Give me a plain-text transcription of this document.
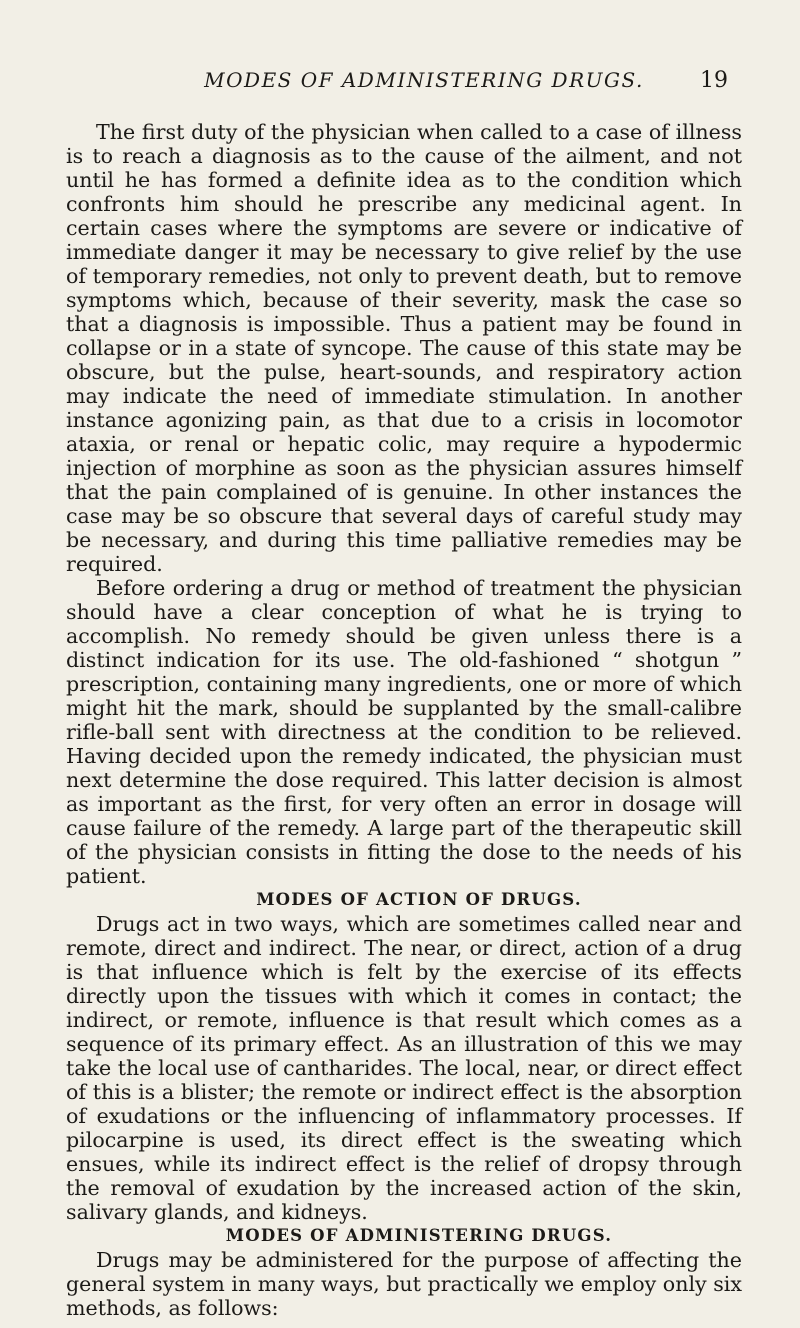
MODES OF ADMINISTERING DRUGS.	19

The first duty of the physician when called to a case of illness is to reach a diagnosis as to the cause of the ailment, and not until he has formed a definite idea as to the condition which confronts him should he prescribe any medicinal agent. In certain cases where the symptoms are severe or indicative of immediate danger it may be necessary to give relief by the use of temporary remedies, not only to prevent death, but to remove symptoms which, because of their severity, mask the case so that a diagnosis is impossible. Thus a patient may be found in collapse or in a state of syncope. The cause of this state may be obscure, but the pulse, heart-sounds, and respiratory action may indicate the need of immediate stimulation. In another instance agonizing pain, as that due to a crisis in locomotor ataxia, or renal or hepatic colic, may require a hypodermic injection of morphine as soon as the physician assures himself that the pain complained of is genuine. In other instances the case may be so obscure that several days of careful study may be necessary, and during this time palliative remedies may be required.

Before ordering a drug or method of treatment the physician should have a clear conception of what he is trying to accomplish. No remedy should be given unless there is a distinct indication for its use. The old-fashioned “ shotgun ” prescription, containing many ingredients, one or more of which might hit the mark, should be supplanted by the small-calibre rifle-ball sent with directness at the condition to be relieved. Having decided upon the remedy indicated, the physician must next determine the dose required. This latter decision is almost as important as the first, for very often an error in dosage will cause failure of the remedy. A large part of the therapeutic skill of the physician consists in fitting the dose to the needs of his patient.

MODES OF ACTION OF DRUGS.

Drugs act in two ways, which are sometimes called near and remote, direct and indirect. The near, or direct, action of a drug is that influence which is felt by the exercise of its effects directly upon the tissues with which it comes in contact; the indirect, or remote, influence is that result which comes as a sequence of its primary effect. As an illustration of this we may take the local use of cantharides. The local, near, or direct effect of this is a blister; the remote or indirect effect is the absorption of exudations or the influencing of inflammatory processes. If pilocarpine is used, its direct effect is the sweating which ensues, while its indirect effect is the relief of dropsy through the removal of exudation by the increased action of the skin, salivary glands, and kidneys.

MODES OF ADMINISTERING DRUGS.

Drugs may be administered for the purpose of affecting the general system in many ways, but practically we employ only six methods, as follows:
